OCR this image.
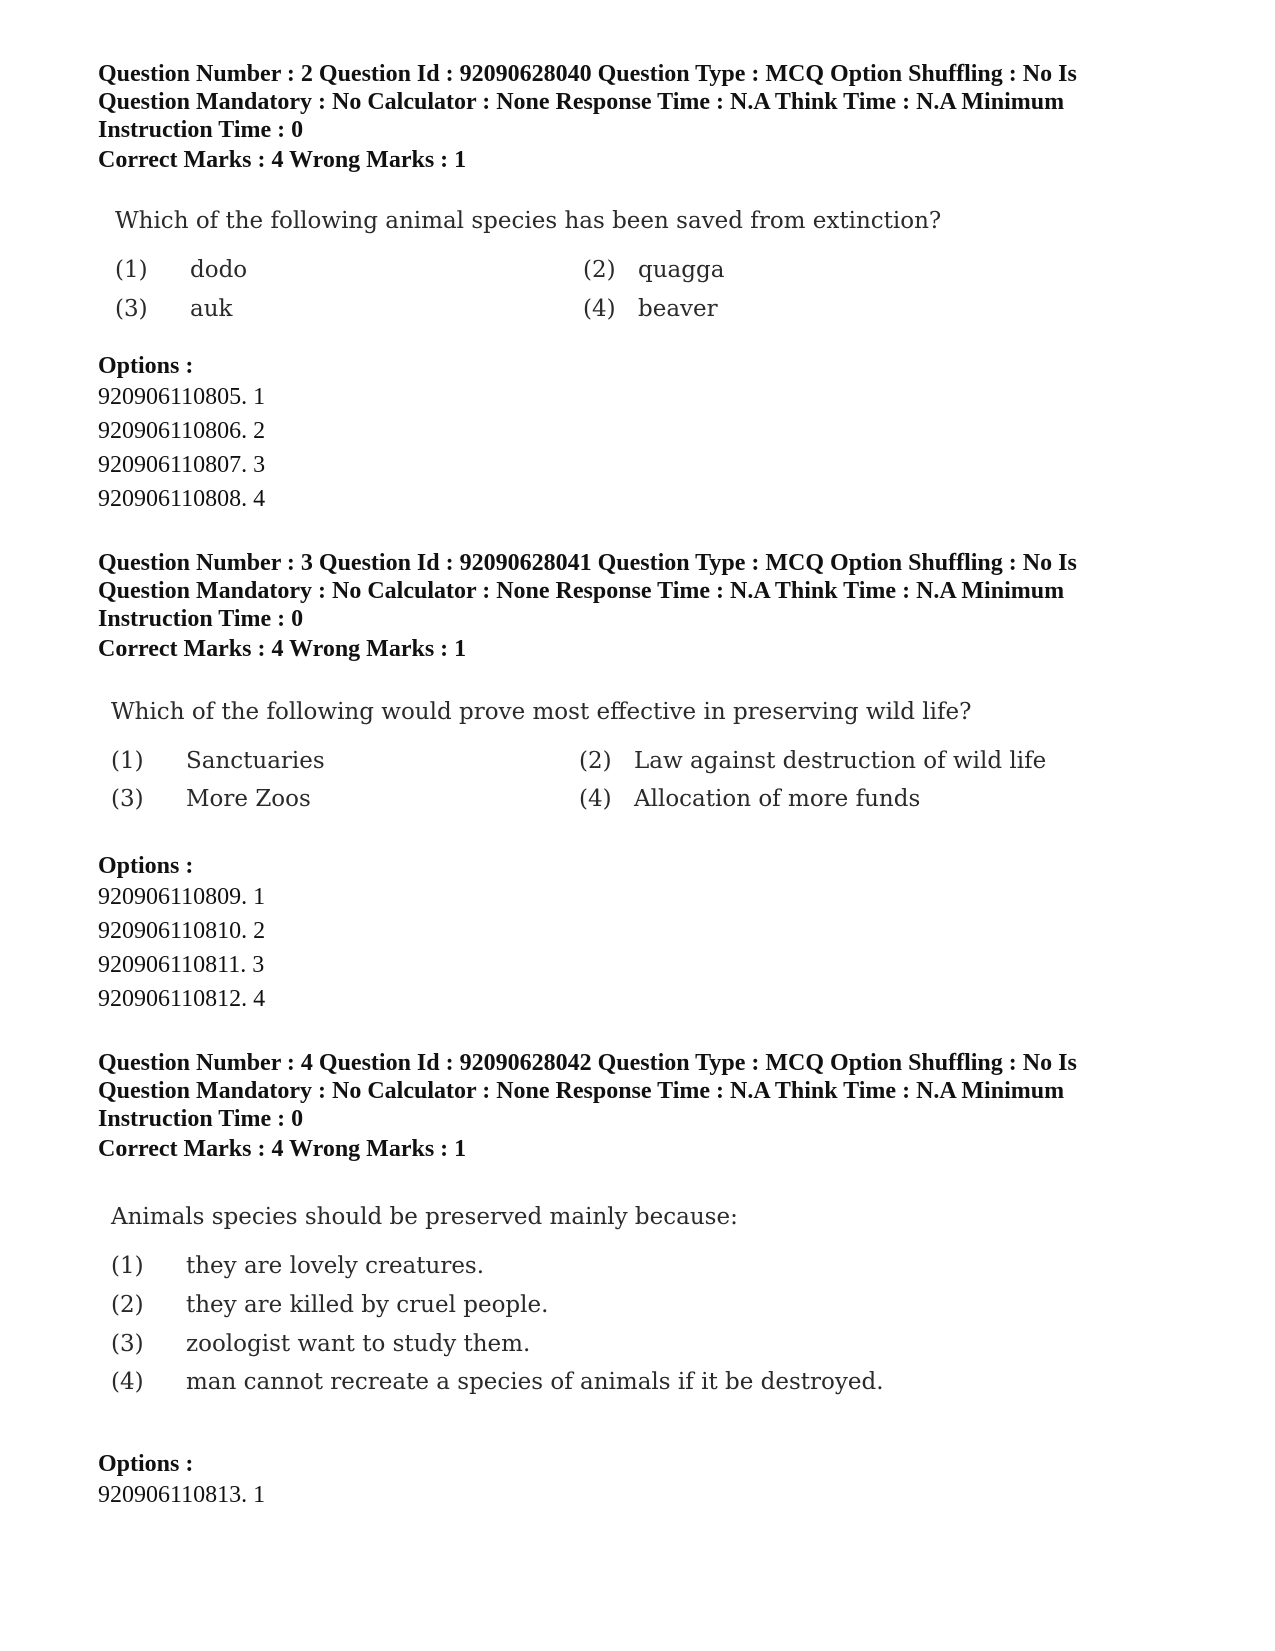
Question Number : 2 Question Id : 92090628040 Question Type : MCQ Option Shuffling : No Is
Question Mandatory : No Calculator : None Response Time : N.A Think Time : N.A Minimum
Instruction Time : 0
Correct Marks : 4 Wrong Marks : 1
Which of the following animal species has been saved from extinction?
(1) dodo	(2) quagga
(3) auk	(4) beaver
Options :
920906110805. 1
920906110806. 2
920906110807. 3
920906110808. 4
Question Number : 3 Question Id : 92090628041 Question Type : MCQ Option Shuffling : No Is
Question Mandatory : No Calculator : None Response Time : N.A Think Time : N.A Minimum
Instruction Time : 0
Correct Marks : 4 Wrong Marks : 1
Which of the following would prove most effective in preserving wild life?
(1) Sanctuaries	(2) Law against destruction of wild life
(3) More Zoos	(4) Allocation of more funds
Options :
920906110809. 1
920906110810. 2
920906110811. 3
920906110812. 4
Question Number : 4 Question Id : 92090628042 Question Type : MCQ Option Shuffling : No Is
Question Mandatory : No Calculator : None Response Time : N.A Think Time : N.A Minimum
Instruction Time : 0
Correct Marks : 4 Wrong Marks : 1
Animals species should be preserved mainly because:
(1) they are lovely creatures.
(2) they are killed by cruel people.
(3) zoologist want to study them.
(4) man cannot recreate a species of animals if it be destroyed.
Options :
920906110813. 1
